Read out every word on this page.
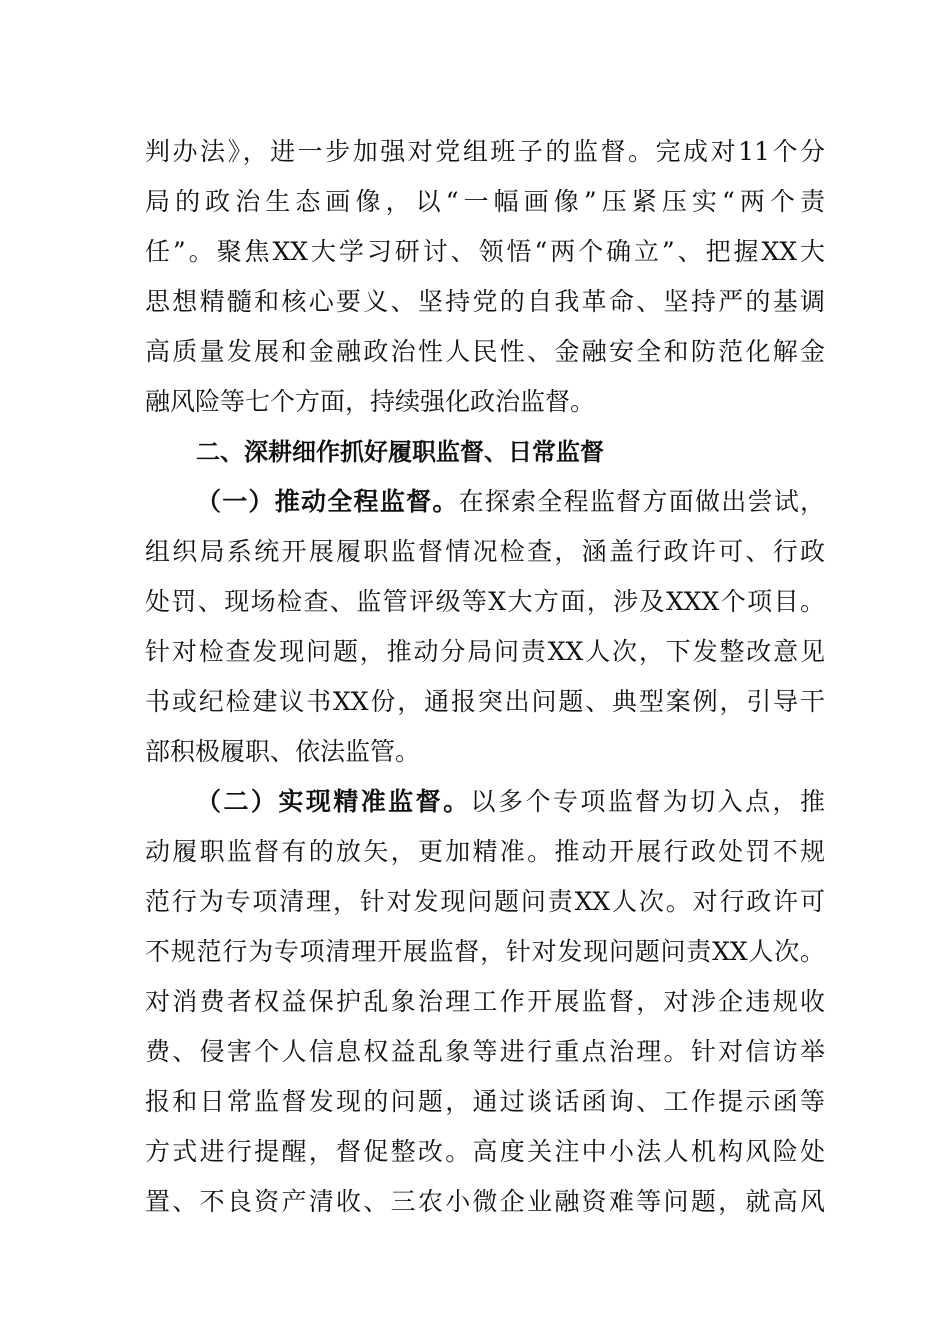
判办法》，进一步加强对党组班子的监督。完成对11个分
局的政治生态画像，以“一幅画像”压紧压实“两个责
任”。聚焦XX大学习研讨、领悟“两个确立”、把握XX大
思想精髓和核心要义、坚持党的自我革命、坚持严的基调
高质量发展和金融政治性人民性、金融安全和防范化解金
融风险等七个方面，持续强化政治监督。
二、深耕细作抓好履职监督、日常监督
（一）推动全程监督。在探索全程监督方面做出尝试，
组织局系统开展履职监督情况检查，涵盖行政许可、行政
处罚、现场检查、监管评级等X大方面，涉及XXX个项目。
针对检查发现问题，推动分局问责XX人次，下发整改意见
书或纪检建议书XX份，通报突出问题、典型案例，引导干
部积极履职、依法监管。
（二）实现精准监督。以多个专项监督为切入点，推
动履职监督有的放矢，更加精准。推动开展行政处罚不规
范行为专项清理，针对发现问题问责XX人次。对行政许可
不规范行为专项清理开展监督，针对发现问题问责XX人次。
对消费者权益保护乱象治理工作开展监督，对涉企违规收
费、侵害个人信息权益乱象等进行重点治理。针对信访举
报和日常监督发现的问题，通过谈话函询、工作提示函等
方式进行提醒，督促整改。高度关注中小法人机构风险处
置、不良资产清收、三农小微企业融资难等问题，就高风
